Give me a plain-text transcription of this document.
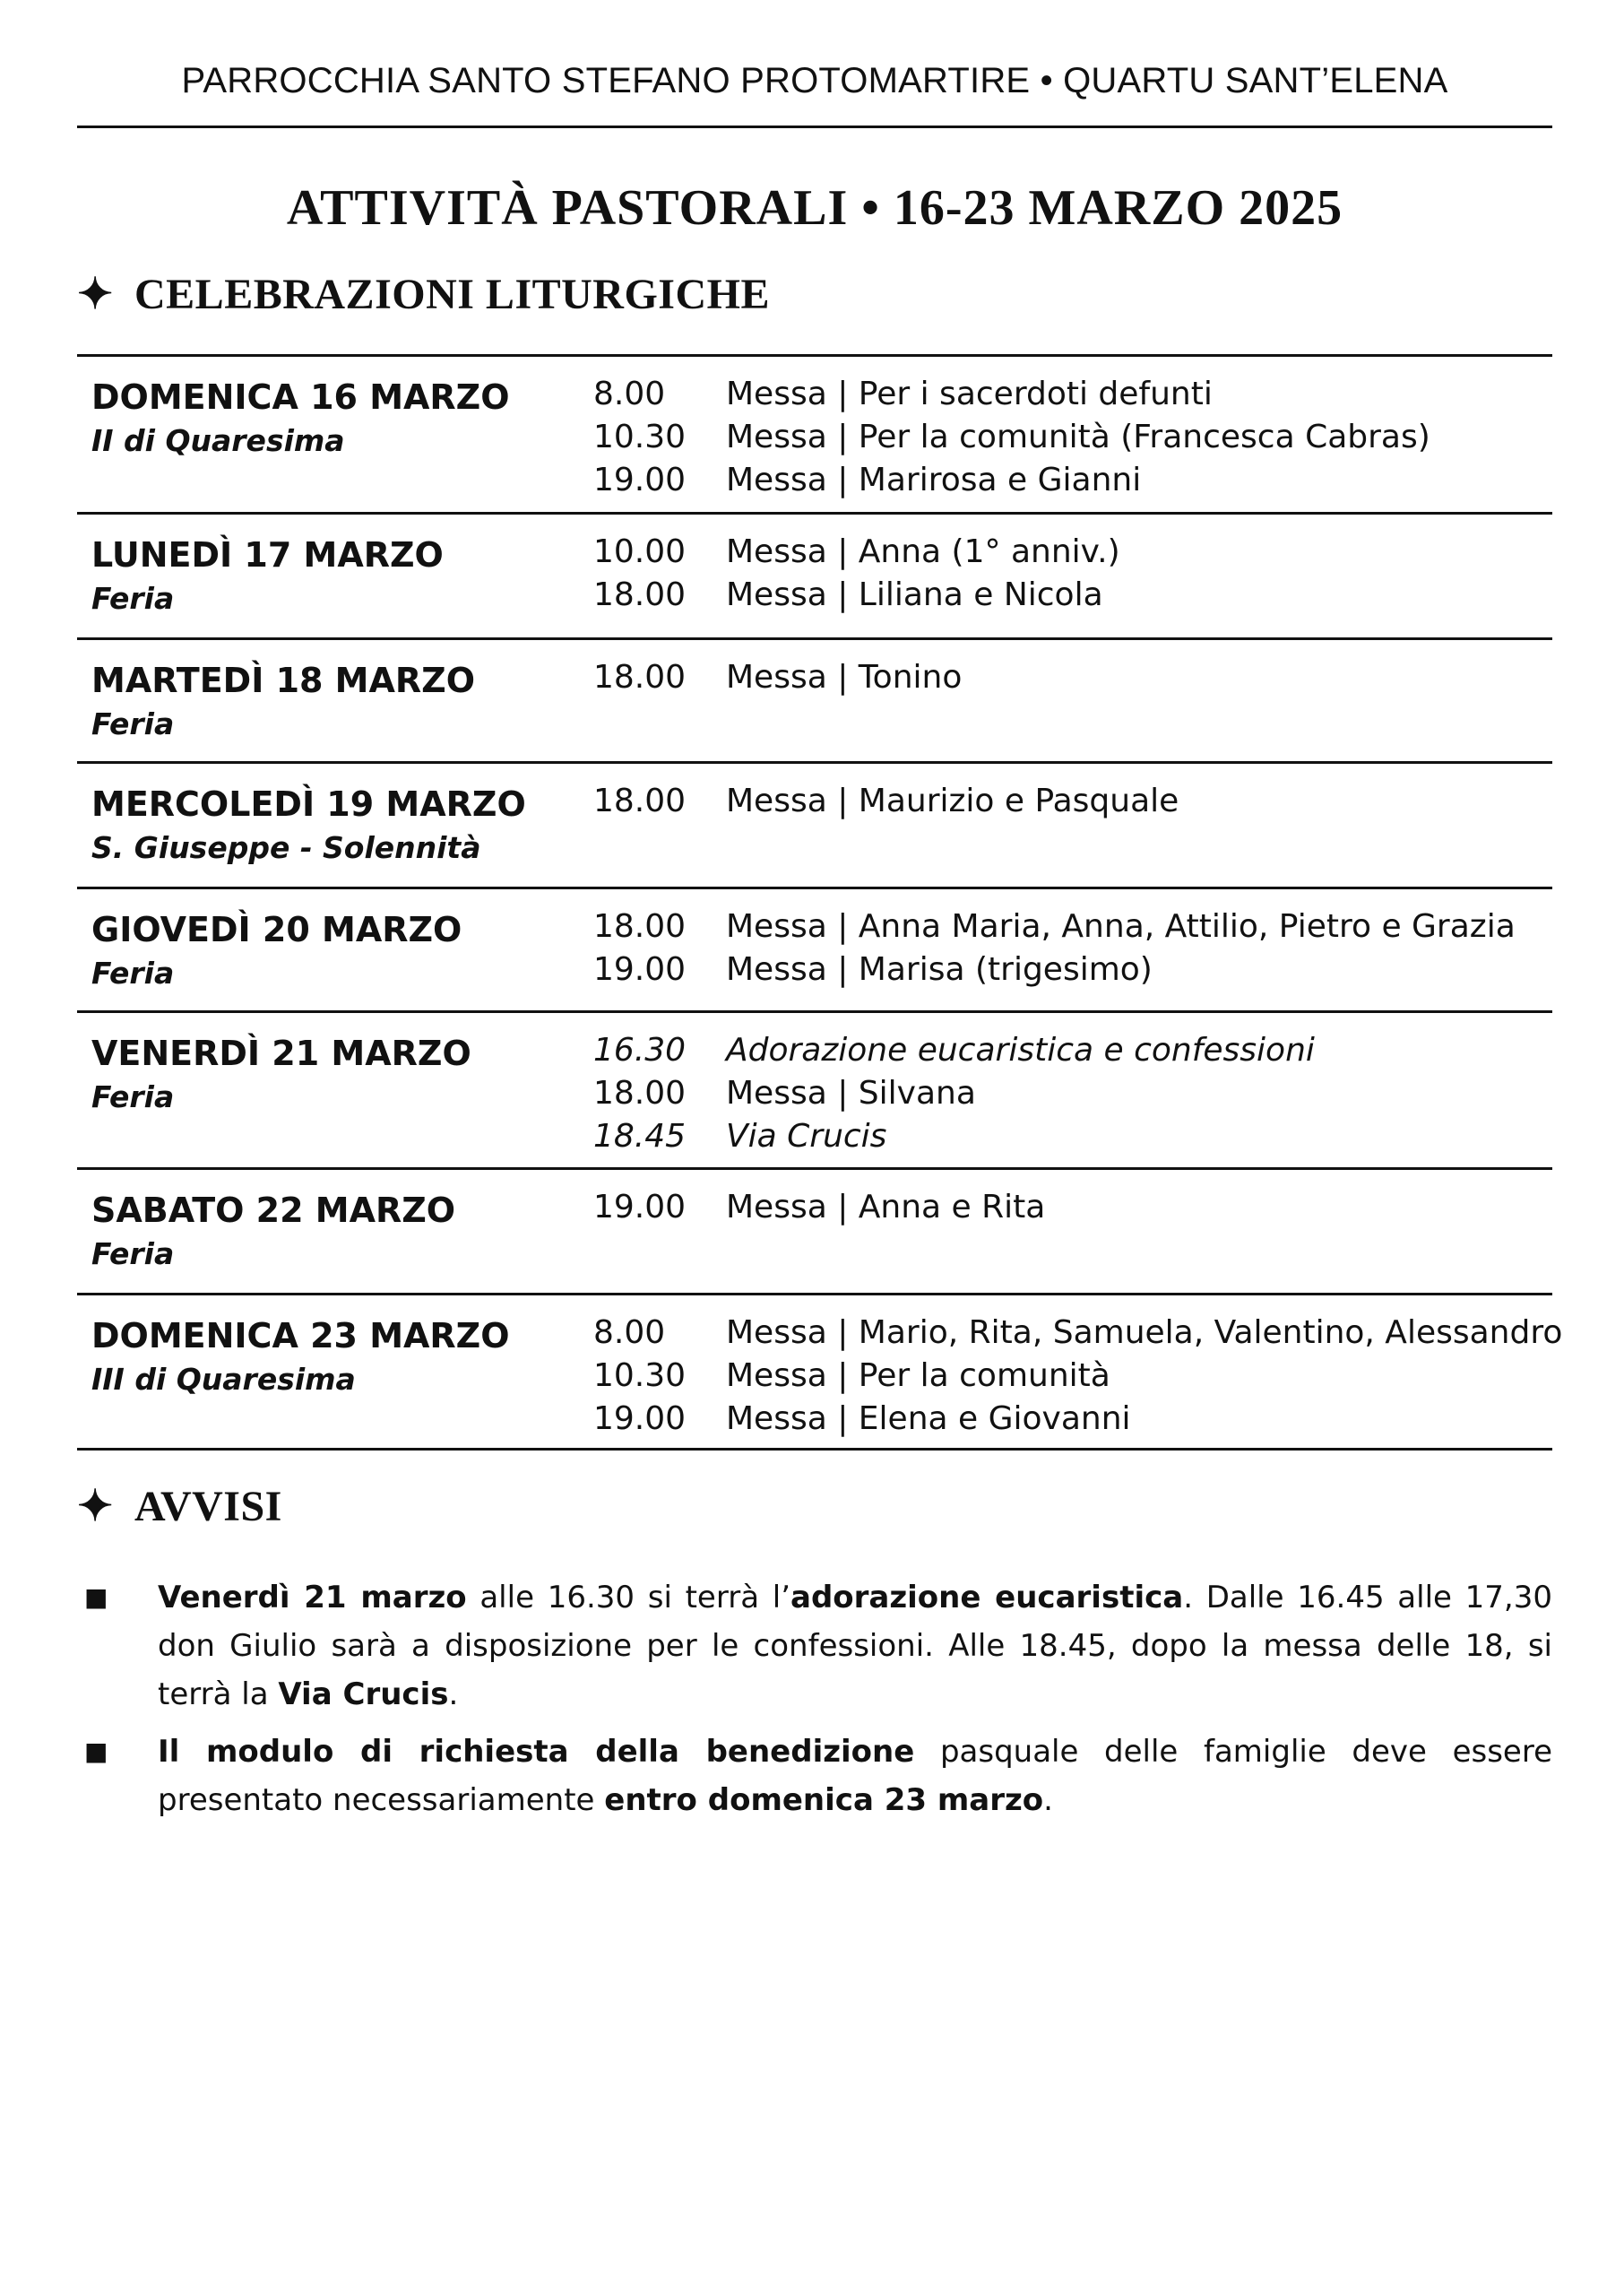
PARROCCHIA SANTO STEFANO PROTOMARTIRE • QUARTU SANT’ELENA
ATTIVITÀ PASTORALI • 16-23 MARZO 2025
✦ CELEBRAZIONI LITURGICHE
DOMENICA 16 MARZO
II di Quaresima
8.00 Messa | Per i sacerdoti defunti
10.30 Messa | Per la comunità (Francesca Cabras)
19.00 Messa | Marirosa e Gianni
LUNEDÌ 17 MARZO
Feria
10.00 Messa | Anna (1° anniv.)
18.00 Messa | Liliana e Nicola
MARTEDÌ 18 MARZO
Feria
18.00 Messa | Tonino
MERCOLEDÌ 19 MARZO
S. Giuseppe - Solennità
18.00 Messa | Maurizio e Pasquale
GIOVEDÌ 20 MARZO
Feria
18.00 Messa | Anna Maria, Anna, Attilio, Pietro e Grazia
19.00 Messa | Marisa (trigesimo)
VENERDÌ 21 MARZO
Feria
16.30 Adorazione eucaristica e confessioni
18.00 Messa | Silvana
18.45 Via Crucis
SABATO 22 MARZO
Feria
19.00 Messa | Anna e Rita
DOMENICA 23 MARZO
III di Quaresima
8.00 Messa | Mario, Rita, Samuela, Valentino, Alessandro
10.30 Messa | Per la comunità
19.00 Messa | Elena e Giovanni
✦ AVVISI
■ Venerdì 21 marzo alle 16.30 si terrà l’adorazione eucaristica. Dalle 16.45 alle 17,30 don Giulio sarà a disposizione per le confessioni. Alle 18.45, dopo la messa delle 18, si terrà la Via Crucis.
■ Il modulo di richiesta della benedizione pasquale delle famiglie deve essere presentato necessariamente entro domenica 23 marzo.
